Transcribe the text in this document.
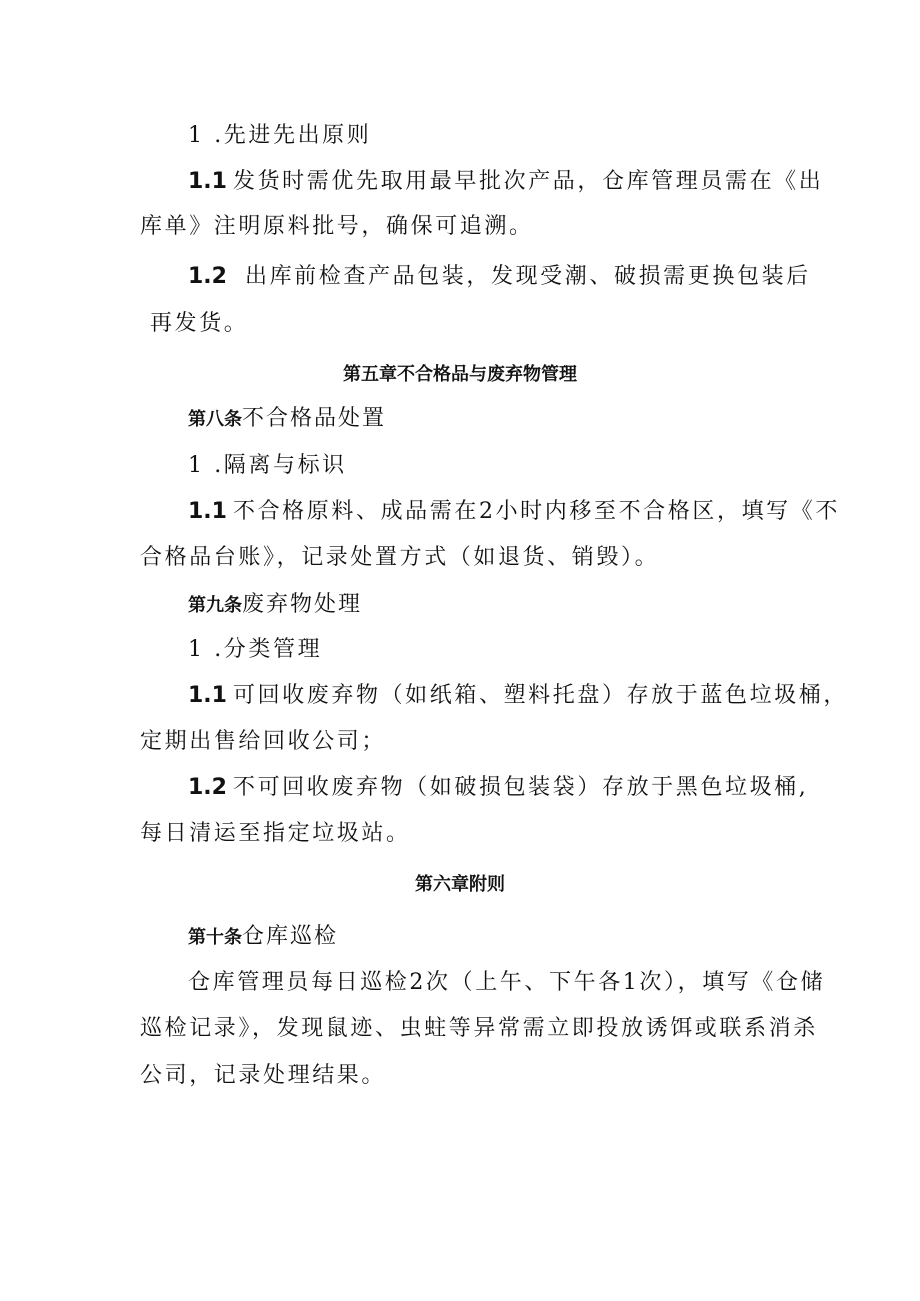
1 .先进先出原则
1.1 发货时需优先取用最早批次产品，仓库管理员需在《出
库单》注明原料批号，确保可追溯。
1.2 出库前检查产品包装，发现受潮、破损需更换包装后
再发货。
第五章不合格品与废弃物管理
第八条不合格品处置
1 .隔离与标识
1.1 不合格原料、成品需在2小时内移至不合格区，填写《不
合格品台账》，记录处置方式（如退货、销毁）。
第九条废弃物处理
1 .分类管理
1.1 可回收废弃物（如纸箱、塑料托盘）存放于蓝色垃圾桶，
定期出售给回收公司；
1.2 不可回收废弃物（如破损包装袋）存放于黑色垃圾桶,
每日清运至指定垃圾站。
第六章附则
第十条仓库巡检
仓库管理员每日巡检2次（上午、下午各1次），填写《仓储
巡检记录》，发现鼠迹、虫蛀等异常需立即投放诱饵或联系消杀
公司，记录处理结果。
